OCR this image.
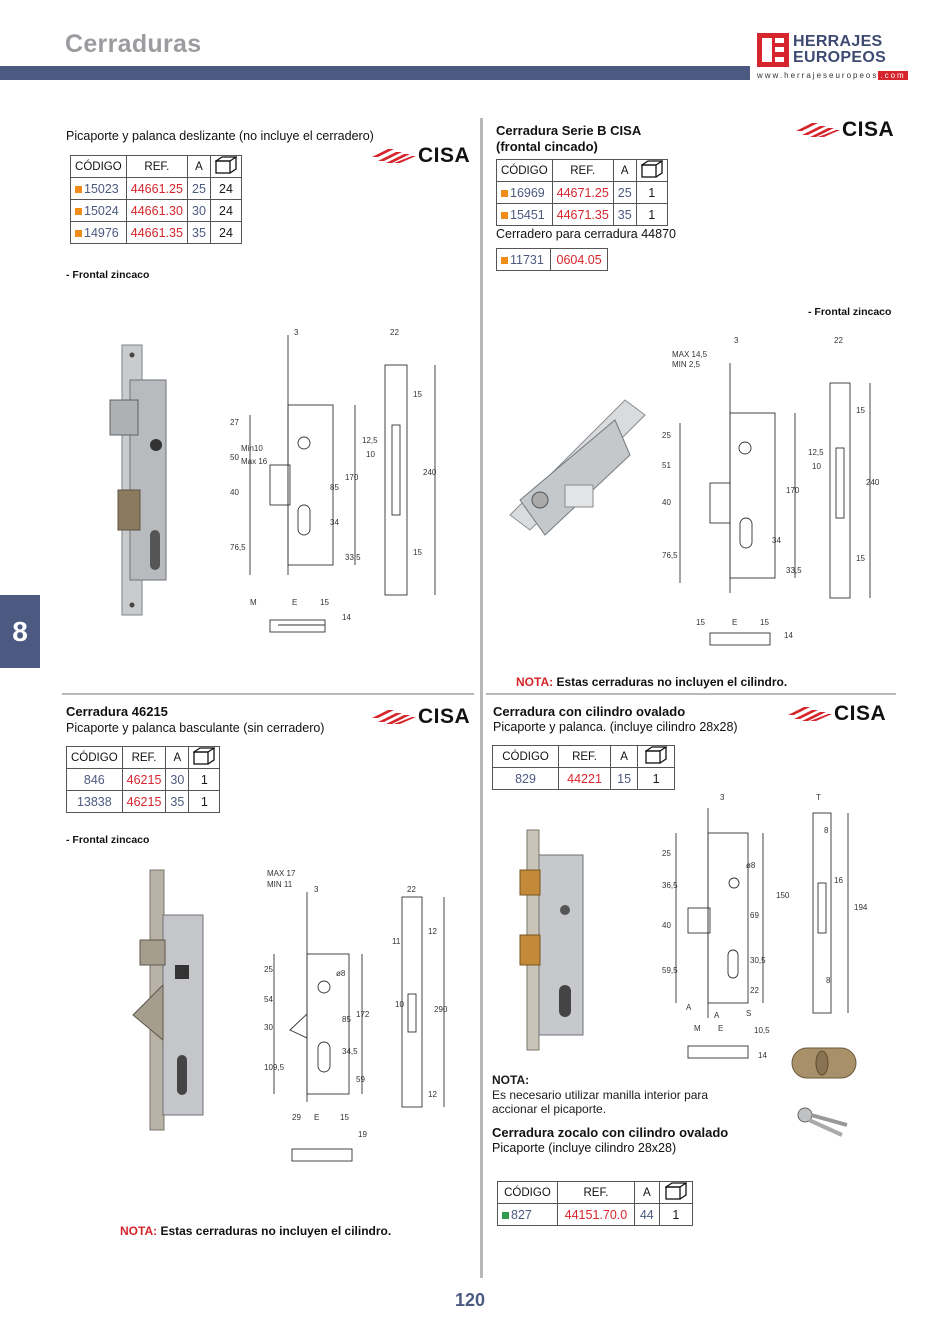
Cerraduras	HERRAJES
EUROPEOS
www.herrajeseuropeos .com
8
Picaporte y palanca deslizante (no incluye el cerradero)
CISA
CÓDIGO	REF.	A	
15023	44661.25	25	24
15024	44661.30	30	24
14976	44661.35	35	24
- Frontal zincaco
3	22
27
12,5
10
Min10
Max 16
50
85
170
240
40
34
33,5
76,5
15
15
M	E	15
14
Cerradura Serie B CISA
(frontal cincado)
CISA
CÓDIGO	REF.	A	
16969	44671.25	25	1
15451	44671.35	35	1
Cerradero para cerradura 44870
11731	0604.05
- Frontal zincaco
MAX 14,5
MIN 2,5
3	22
25
51
12,5
10
40
170
240
15
34
33,5
76,5
15
15
E	15
14
NOTA: Estas cerraduras no incluyen el cilindro.
Cerradura 46215
Picaporte y palanca basculante (sin cerradero)	CISA
CÓDIGO	REF.	A	
846	46215	30	1
13838	46215	35	1
- Frontal zincaco
MAX 17
MIN 11
3	22
11
12
25	ø8
54
85
172
290
30
10
34,5
109,5
59
12
29 E	15
19
NOTA: Estas cerraduras no incluyen el cilindro.
Cerradura con cilindro ovalado
Picaporte y palanca. (incluye cilindro 28x28)
CISA
CÓDIGO	REF.	A	
829	44221	15	1
3	T
8
25
ø8
16
36,5
69
150
194
40
30,5
59,5
22
8
A
A	S
M E	10,5
14
NOTA:
Es necesario utilizar manilla interior para
accionar el picaporte.
Cerradura zocalo con cilindro ovalado
Picaporte (incluye cilindro 28x28)
CÓDIGO	REF.	A	
827	44151.70.0	44	1
120
